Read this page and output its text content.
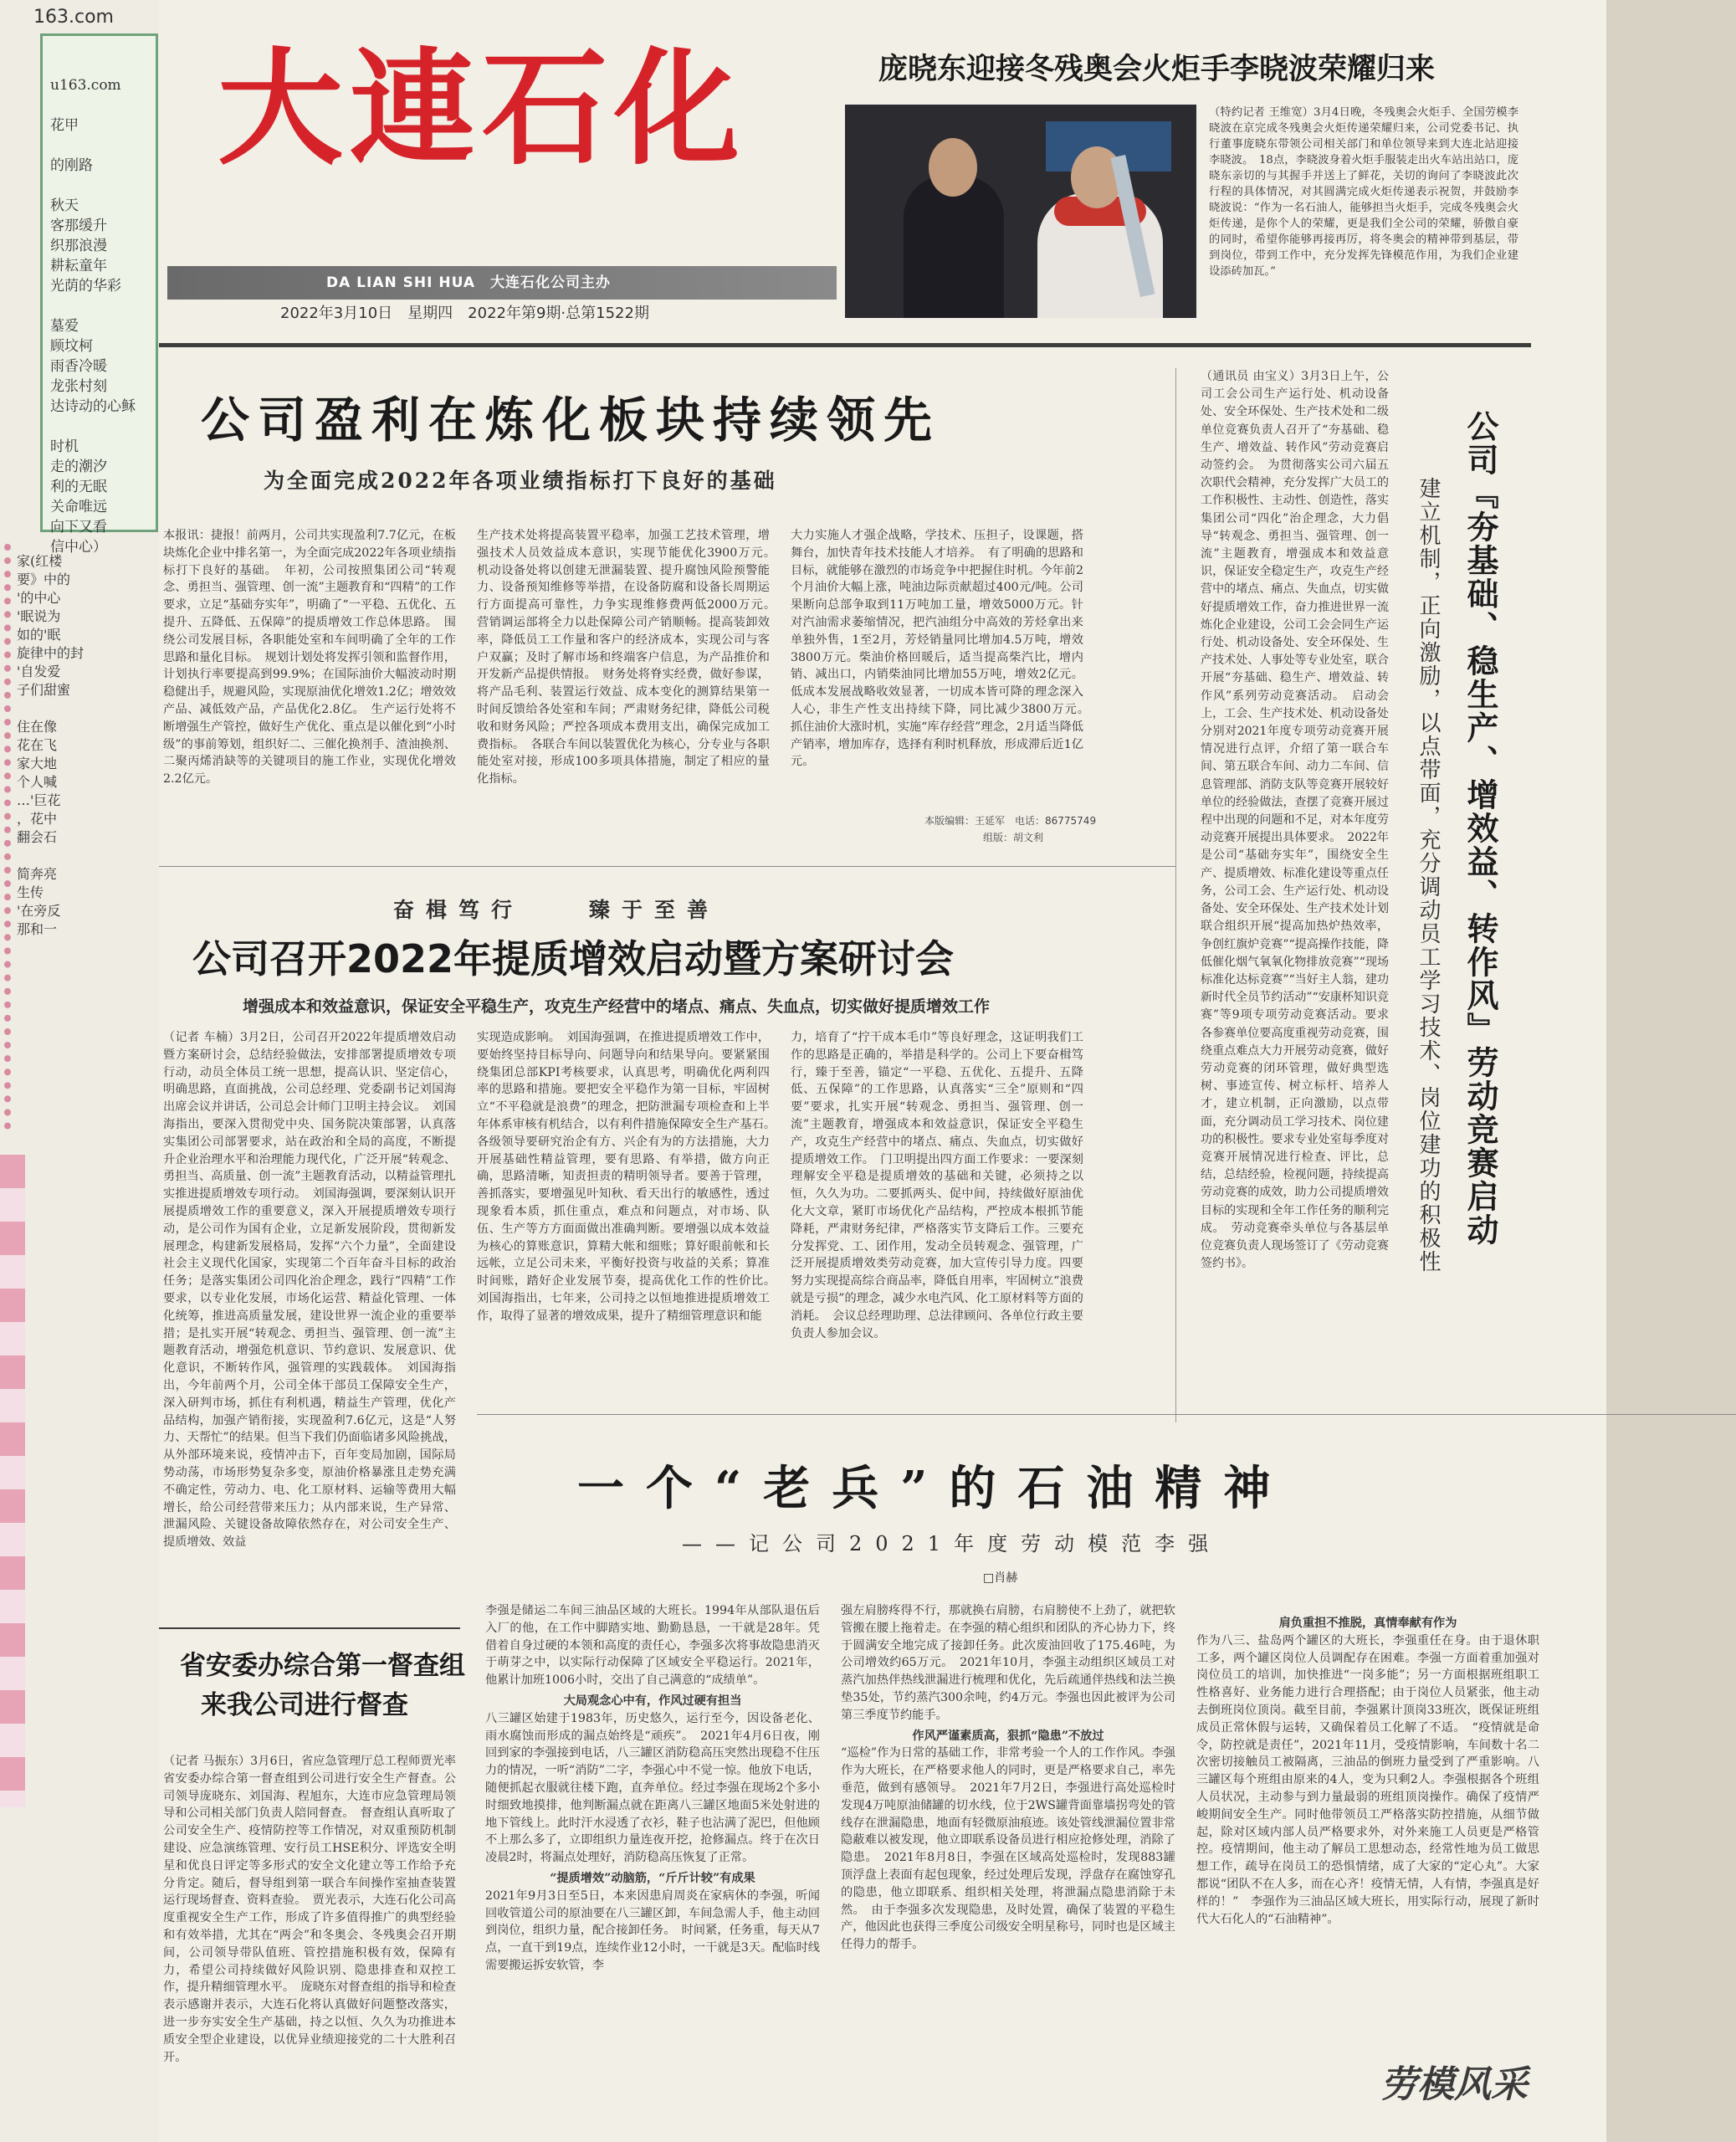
163.com
u163.com

花甲

的刚路

秋天
客那缓升
织那浪漫
耕耘童年
光荫的华彩

墓爱
顾坟柯
雨香冷暖
龙张村刻
达诗动的心稣

时机
走的潮汐
利的无眠
关命唯远
向下又看
信中心）
家(红楼
要》中的
'的中心
'眠说为
如的'眠
旋律中的封
'自发爱
子们甜蜜

住在像
花在飞
家大地
个人喊
…'巨花
，花中
翻会石

简奔亮
生传
'在旁反
那和一
大連石化
DA LIAN SHI HUA　大连石化公司主办
2022年3月10日　星期四　2022年第9期·总第1522期
庞晓东迎接冬残奥会火炬手李晓波荣耀归来
（特约记者 王维宽）3月4日晚，冬残奥会火炬手、全国劳模李晓波在京完成冬残奥会火炬传递荣耀归来，公司党委书记、执行董事庞晓东带领公司相关部门和单位领导来到大连北站迎接李晓波。　18点，李晓波身着火炬手服装走出火车站出站口，庞晓东亲切的与其握手并送上了鲜花，关切的询问了李晓波此次行程的具体情况，对其圆满完成火炬传递表示祝贺，并鼓励李晓波说：“作为一名石油人，能够担当火炬手，完成冬残奥会火炬传递，是你个人的荣耀，更是我们全公司的荣耀，骄傲自豪的同时，希望你能够再接再厉，将冬奥会的精神带到基层，带到岗位，带到工作中，充分发挥先锋模范作用，为我们企业建设添砖加瓦。”
公司盈利在炼化板块持续领先
为全面完成2022年各项业绩指标打下良好的基础
本报讯：捷报！前两月，公司共实现盈利7.7亿元，在板块炼化企业中排名第一，为全面完成2022年各项业绩指标打下良好的基础。　年初，公司按照集团公司“转观念、勇担当、强管理、创一流”主题教育和“四精”的工作要求，立足“基础夯实年”，明确了“一平稳、五优化、五提升、五降低、五保障”的提质增效工作总体思路。　围绕公司发展目标，各职能处室和车间明确了全年的工作思路和量化目标。　规划计划处将发挥引领和监督作用，计划执行率要提高到99.9%；在国际油价大幅波动时期稳健出手，规避风险，实现原油优化增效1.2亿；增效效产品、减低效产品，产品优化2.8亿。　生产运行处将不断增强生产管控，做好生产优化、重点是以催化到“小时级”的事前筹划，组织好二、三催化换剂手、渣油换剂、二聚丙烯消缺等的关键项目的施工作业，实现优化增效2.2亿元。
生产技术处将提高装置平稳率，加强工艺技术管理，增强技术人员效益成本意识，实现节能优化3900万元。　机动设备处将以创建无泄漏装置、提升腐蚀风险预警能力、设备预知维修等举措，在设备防腐和设备长周期运行方面提高可靠性，力争实现维修费两低2000万元。　营销调运部将全力以赴保障公司产销顺畅。提高装卸效率，降低员工工作量和客户的经济成本，实现公司与客户双赢；及时了解市场和终端客户信息，为产品推价和开发新产品提供情报。　财务处将脊实经费，做好参谋，将产品毛利、装置运行效益、成本变化的测算结果第一时间反馈给各处室和车间；严肃财务纪律，降低公司税收和财务风险；严控各项成本费用支出，确保完成加工费指标。　各联合车间以装置优化为核心，分专业与各职能处室对接，形成100多项具体措施，制定了相应的量化指标。
大力实施人才强企战略，学技术、压担子，设课题，搭舞台，加快青年技术技能人才培养。　有了明确的思路和目标，就能够在激烈的市场竞争中把握住时机。今年前2个月油价大幅上涨，吨油边际贡献超过400元/吨。公司果断向总部争取到11万吨加工量，增效5000万元。针对汽油需求萎缩情况，把汽油组分中高效的芳烃拿出来单独外售，1至2月，芳烃销量同比增加4.5万吨，增效3800万元。柴油价格回暖后，适当提高柴汽比，增内销、减出口，内销柴油同比增加55万吨，增效2亿元。低成本发展战略收效显著，一切成本皆可降的理念深入人心，非生产性支出持续下降，同比减少3800万元。　抓住油价大涨时机，实施“库存经营”理念，2月适当降低产销率，增加库存，选择有利时机释放，形成滞后近1亿元。
本版编辑：王延军　电话：86775749
组版：胡文利
（通讯员 由宝义）3月3日上午，公司工会公司生产运行处、机动设备处、安全环保处、生产技术处和二级单位竞赛负责人召开了“夯基础、稳生产、增效益、转作风”劳动竞赛启动签约会。　为贯彻落实公司六届五次职代会精神，充分发挥广大员工的工作积极性、主动性、创造性，落实集团公司“四化”治企理念，大力倡导“转观念、勇担当、强管理、创一流”主题教育，增强成本和效益意识，保证安全稳定生产，攻克生产经营中的堵点、痛点、失血点，切实做好提质增效工作，奋力推进世界一流炼化企业建设，公司工会会同生产运行处、机动设备处、安全环保处、生产技术处、人事处等专业处室，联合开展“夯基础、稳生产、增效益、转作风”系列劳动竞赛活动。　启动会上，工会、生产技术处、机动设备处分别对2021年度专项劳动竞赛开展情况进行点评，介绍了第一联合车间、第五联合车间、动力二车间、信息管理部、消防支队等竞赛开展较好单位的经验做法，查摆了竞赛开展过程中出现的问题和不足，对本年度劳动竞赛开展提出具体要求。　2022年是公司“基础夯实年”，围绕安全生产、提质增效、标准化建设等重点任务，公司工会、生产运行处、机动设备处、安全环保处、生产技术处计划联合组织开展“提高加热炉热效率，争创红旗炉竞赛”“提高操作技能，降低催化烟气氧氧化物排放竞赛”“现场标准化达标竞赛”“当好主人翁，建功新时代全员节约活动”“安康杯知识竞赛”等9项专项劳动竞赛活动。要求各参赛单位要高度重视劳动竞赛，围绕重点难点大力开展劳动竞赛，做好劳动竞赛的闭环管理，做好典型选树、事迹宣传、树立标杆、培养人才，建立机制，正向激励，以点带面，充分调动员工学习技术、岗位建功的积极性。要求专业处室每季度对竞赛开展情况进行检查、评比，总结，总结经验，检视问题，持续提高劳动竞赛的成效，助力公司提质增效目标的实现和全年工作任务的顺利完成。　劳动竞赛牵头单位与各基层单位竞赛负责人现场签订了《劳动竞赛签约书》。
公司『夯基础、稳生产、增效益、转作风』劳动竞赛启动
建立机制，正向激励，以点带面，充分调动员工学习技术、岗位建功的积极性
奋楫笃行　　臻于至善
公司召开2022年提质增效启动暨方案研讨会
增强成本和效益意识，保证安全平稳生产，攻克生产经营中的堵点、痛点、失血点，切实做好提质增效工作
（记者 车楠）3月2日，公司召开2022年提质增效启动暨方案研讨会，总结经验做法，安排部署提质增效专项行动，动员全体员工统一思想，提高认识、坚定信心，明确思路，直面挑战，公司总经理、党委副书记刘国海出席会议并讲话，公司总会计师门卫明主持会议。　刘国海指出，要深入贯彻党中央、国务院决策部署，认真落实集团公司部署要求，站在政治和全局的高度，不断提升企业治理水平和治理能力现代化，广泛开展“转观念、勇担当、高质量、创一流”主题教育活动，以精益管理扎实推进提质增效专项行动。　刘国海强调，要深刻认识开展提质增效工作的重要意义，深入开展提质增效专项行动，是公司作为国有企业，立足新发展阶段，贯彻新发展理念，构建新发展格局，发挥“六个力量”，全面建设社会主义现代化国家，实现第二个百年奋斗目标的政治任务；是落实集团公司四化治企理念，践行“四精”工作要求，以专业化发展，市场化运营、精益化管理、一体化统筹，推进高质量发展，建设世界一流企业的重要举措；是扎实开展“转观念、勇担当、强管理、创一流”主题教育活动，增强危机意识、节约意识、发展意识、优化意识，不断转作风，强管理的实践载体。　刘国海指出，今年前两个月，公司全体干部员工保障安全生产，深入研判市场，抓住有利机遇，精益生产管理，优化产品结构，加强产销衔接，实现盈利7.6亿元，这是“人努力、天帮忙”的结果。但当下我们仍面临诸多风险挑战，从外部环境来说，疫情冲击下，百年变局加剧，国际局势动荡，市场形势复杂多变，原油价格暴涨且走势充满不确定性，劳动力、电、化工原材料、运输等费用大幅增长，给公司经营带来压力；从内部来说，生产异常、泄漏风险、关键设备故障依然存在，对公司安全生产、提质增效、效益
实现造成影响。　刘国海强调，在推进提质增效工作中，要始终坚持目标导向、问题导向和结果导向。要紧紧围绕集团总部KPI考核要求，认真思考，明确优化两利四率的思路和措施。要把安全平稳作为第一目标，牢固树立“不平稳就是浪费”的理念，把防泄漏专项检查和上半年体系审核有机结合，以有利件措施保障安全生产基石。　各级领导要研究治企有方、兴企有为的方法措施，大力开展基础性精益管理，要有思路、有举措，做方向正确，思路清晰，知责担责的精明领导者。要善于管理，善抓落实，要增强见叶知秋、看天出行的敏感性，透过现象看本质，抓住重点，难点和问题点，对市场、队伍、生产等方方面面做出准确判断。要增强以成本效益为核心的算账意识，算精大帐和细账；算好眼前帐和长远帐，立足公司未来，平衡好投资与收益的关系；算准时间账，踏好企业发展节奏，提高优化工作的性价比。　刘国海指出，七年来，公司持之以恒地推进提质增效工作，取得了显著的增效成果，提升了精细管理意识和能
力，培育了“拧干成本毛巾”等良好理念，这证明我们工作的思路是正确的，举措是科学的。公司上下要奋楫笃行，臻于至善，锚定“一平稳、五优化、五提升、五降低、五保障”的工作思路，认真落实“三全”原则和“四要”要求，扎实开展“转观念、勇担当、强管理、创一流”主题教育，增强成本和效益意识，保证安全平稳生产，攻克生产经营中的堵点、痛点、失血点，切实做好提质增效工作。　门卫明提出四方面工作要求：一要深刻理解安全平稳是提质增效的基础和关键，必须持之以恒，久久为功。二要抓两头、促中间，持续做好原油优化大文章，紧盯市场优化产品结构，严控成本根抓节能降耗，严肃财务纪律，严格落实节支降后工作。三要充分发挥党、工、团作用，发动全员转观念、强管理，广泛开展提质增效类劳动竞赛，加大宣传引导力度。四要努力实现提高综合商品率，降低自用率，牢固树立“浪费就是亏损”的理念，减少水电汽风、化工原材料等方面的消耗。　会议总经理助理、总法律顾问、各单位行政主要负责人参加会议。
一个“老兵”的石油精神
——记公司2021年度劳动模范李强
□肖赫
李强是储运二车间三油品区域的大班长。1994年从部队退伍后入厂的他，在工作中脚踏实地、勤勤恳恳，一干就是28年。凭借着自身过硬的本领和高度的责任心，李强多次将事故隐患消灭于萌芽之中，以实际行动保障了区域安全平稳运行。2021年，他累计加班1006小时，交出了自己满意的“成绩单”。
大局观念心中有，作风过硬有担当
八三罐区始建于1983年，历史悠久，运行至今，因设备老化、雨水腐蚀而形成的漏点始终是“顽疾”。　2021年4月6日夜，刚回到家的李强接到电话，八三罐区消防稳高压突然出现稳不住压力的情况，一听“消防”二字，李强心中不觉一惊。他放下电话，随便抓起衣服就往楼下跑，直奔单位。经过李强在现场2个多小时细致地摸排，他判断漏点就在距离八三罐区地面5米处射进的地下管线上。此时汗水浸透了衣衫，鞋子也沾满了泥巴，但他顾不上那么多了，立即组织力量连夜开挖，抢修漏点。终于在次日凌晨2时，将漏点处理好，消防稳高压恢复了正常。
“提质增效”动脑筋，“斤斤计较”有成果
2021年9月3日至5日，本来因患肩周炎在家病休的李强，听闻回收管道公司的原油要在八三罐区卸，车间急需人手，他主动回到岗位，组织力量，配合接卸任务。　时间紧，任务重，每天从7点，一直干到19点，连续作业12小时，一干就是3天。配临时线需要搬运拆安软管，李
强左肩膀疼得不行，那就换右肩膀，右肩膀使不上劲了，就把软管搬在腰上拖着走。在李强的精心组织和团队的齐心协力下，终于圆满安全地完成了接卸任务。此次废油回收了175.46吨，为公司增效约65万元。　2021年10月，李强主动组织区域员工对蒸汽加热伴热线泄漏进行梳理和优化，先后疏通伴热线和法兰换垫35处，节约蒸汽300余吨，约4万元。李强也因此被评为公司第三季度节约能手。
作风严谨素质高，狠抓“隐患”不放过
“巡检”作为日常的基础工作，非常考验一个人的工作作风。李强作为大班长，在严格要求他人的同时，更是严格要求自己，率先垂范，做到有感领导。　2021年7月2日，李强进行高处巡检时发现4万吨原油储罐的切水线，位于2WS罐背面靠墙拐弯处的管线存在泄漏隐患，地面有轻微原油痕迹。该处管线泄漏位置非常隐蔽难以被发现，他立即联系设备员进行相应抢修处理，消除了隐患。　2021年8月8日，李强在区域高处巡检时，发现883罐顶浮盘上表面有起包现象，经过处理后发现，浮盘存在腐蚀穿孔的隐患，他立即联系、组织相关处理，将泄漏点隐患消除于未然。　由于李强多次发现隐患，及时处置，确保了装置的平稳生产，他因此也获得三季度公司级安全明星称号，同时也是区域主任得力的帮手。
肩负重担不推脱，真情奉献有作为
作为八三、盐岛两个罐区的大班长，李强重任在身。由于退休职工多，两个罐区岗位人员调配存在困难。李强一方面着重加强对岗位员工的培训，加快推进“一岗多能”；另一方面根据班组职工性格喜好、业务能力进行合理搭配；由于岗位人员紧张，他主动去倒班岗位顶岗。截至目前，李强累计顶岗33班次，既保证班组成员正常休假与运转，又确保着员工化解了不适。　“疫情就是命令，防控就是责任”，2021年11月，受疫情影响，车间数十名二次密切接触员工被隔离，三油品的倒班力量受到了严重影响。八三罐区每个班组由原来的4人，变为只剩2人。李强根据各个班组人员状况，主动参与到力量最弱的班组顶岗操作。确保了疫情严峻期间安全生产。同时他带领员工严格落实防控措施，从细节做起，除对区域内部人员严格要求外，对外来施工人员更是严格管控。疫情期间，他主动了解员工思想动态，经常性地为员工做思想工作，疏导在岗员工的恐惧情绪，成了大家的“定心丸”。大家都说“团队不在人多，而在心齐！疫情无情，人有情，李强真是好样的！”　李强作为三油品区域大班长，用实际行动，展现了新时代大石化人的“石油精神”。
劳模风采
省安委办综合第一督查组
来我公司进行督查
（记者 马振东）3月6日，省应急管理厅总工程师贾光率省安委办综合第一督查组到公司进行安全生产督查。公司领导庞晓东、刘国海、程旭东，大连市应急管理局领导和公司相关部门负责人陪同督查。　督查组认真听取了公司安全生产、疫情防控等工作情况，对双重预防机制建设、应急演练管理、安行员工HSE积分、评选安全明星和优良日评定等多形式的安全文化建立等工作给予充分肯定。随后，督导组到第一联合车间操作室抽查装置运行现场督查、资料查验。　贾光表示，大连石化公司高度重视安全生产工作，形成了许多值得推广的典型经验和有效举措，尤其在“两会”和冬奥会、冬残奥会召开期间，公司领导带队值班、管控措施积极有效，保障有力，希望公司持续做好风险识别、隐患排查和双控工作，提升精细管理水平。　庞晓东对督查组的指导和检查表示感谢并表示，大连石化将认真做好问题整改落实，进一步夯实安全生产基础，持之以恒、久久为功推进本质安全型企业建设，以优异业绩迎接党的二十大胜利召开。
